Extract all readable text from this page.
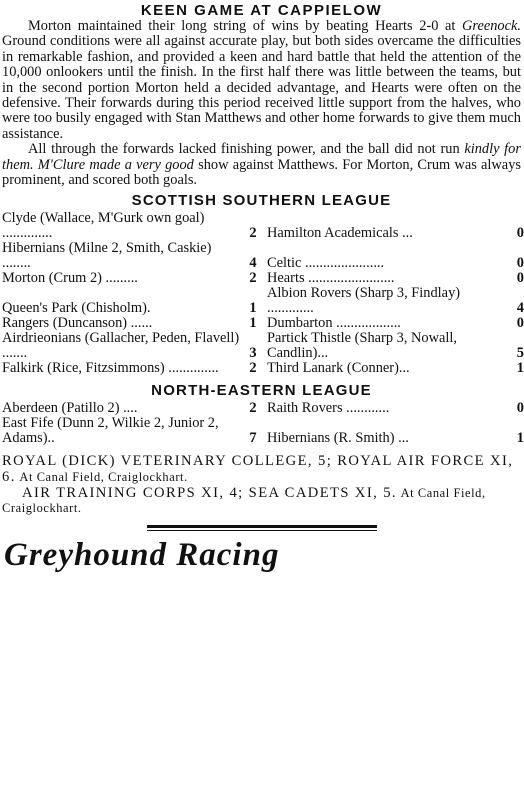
KEEN GAME AT CAPPIELOW

Morton maintained their long string of wins by beating Hearts 2-0 at Greenock. Ground conditions were all against accurate play, but both sides overcame the difficulties in remarkable fashion, and provided a keen and hard battle that held the attention of the 10,000 onlookers until the finish. In the first half there was little between the teams, but in the second portion Morton held a decided advantage, and Hearts were often on the defensive. Their forwards during this period received little support from the halves, who were too busily engaged with Stan Matthews and other home forwards to give them much assistance.

All through the forwards lacked finishing power, and the ball did not run kindly for them. M'Clure made a very good show against Matthews. For Morton, Crum was always prominent, and scored both goals.

SCOTTISH SOUTHERN LEAGUE
Clyde (Wallace, M'Gurk own goal) ..............	2	Hamilton Academicals ...	0
Hibernians (Milne 2, Smith, Caskie) ........	4	Celtic ......................	0
Morton (Crum 2) .........	2	Hearts ........................	0
Queen's Park (Chisholm).	1	Albion Rovers (Sharp 3, Findlay) .............	4
Rangers (Duncanson) ......	1	Dumbarton ..................	0
Airdrieonians (Gallacher, Peden, Flavell) .......	3	Partick Thistle (Sharp 3, Nowall, Candlin)...	5
Falkirk (Rice, Fitzsimmons) ..............	2	Third Lanark (Conner)...	1
NORTH-EASTERN LEAGUE
Aberdeen (Patillo 2) ....	2	Raith Rovers ............	0
East Fife (Dunn 2, Wilkie 2, Junior 2, Adams)..	7	Hibernians (R. Smith) ...	1

ROYAL (DICK) VETERINARY COLLEGE, 5; ROYAL AIR FORCE XI, 6. At Canal Field, Craiglockhart.

AIR TRAINING CORPS XI, 4; SEA CADETS XI, 5. At Canal Field, Craiglockhart.

Greyhound Racing
